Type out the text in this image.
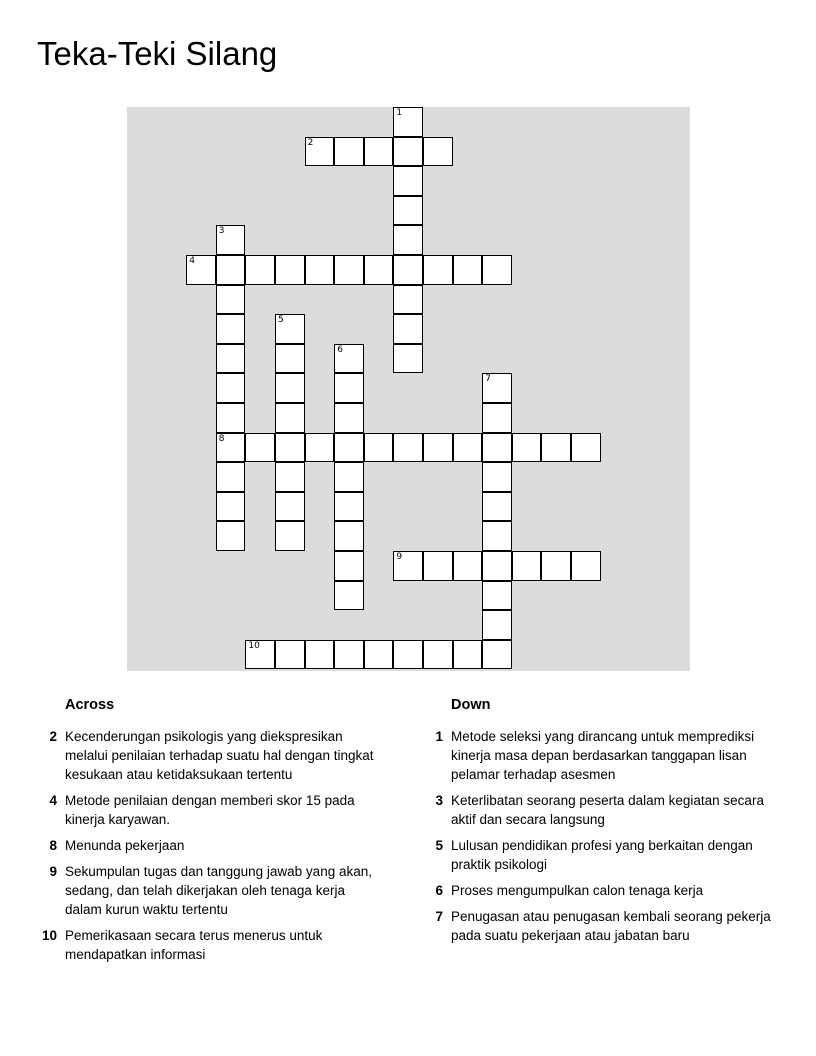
Teka-Teki Silang
1
2
3
8
4
5
6
7
9
10
Across
2 Kecenderungan psikologis yang diekspresikan melalui penilaian terhadap suatu hal dengan tingkat kesukaan atau ketidaksukaan tertentu
4 Metode penilaian dengan memberi skor 15 pada kinerja karyawan.
8 Menunda pekerjaan
9 Sekumpulan tugas dan tanggung jawab yang akan, sedang, dan telah dikerjakan oleh tenaga kerja dalam kurun waktu tertentu
10 Pemerikasaan secara terus menerus untuk mendapatkan informasi
Down
1 Metode seleksi yang dirancang untuk memprediksi kinerja masa depan berdasarkan tanggapan lisan pelamar terhadap asesmen
3 Keterlibatan seorang peserta dalam kegiatan secara aktif dan secara langsung
5 Lulusan pendidikan profesi yang berkaitan dengan praktik psikologi
6 Proses mengumpulkan calon tenaga kerja
7 Penugasan atau penugasan kembali seorang pekerja pada suatu pekerjaan atau jabatan baru
